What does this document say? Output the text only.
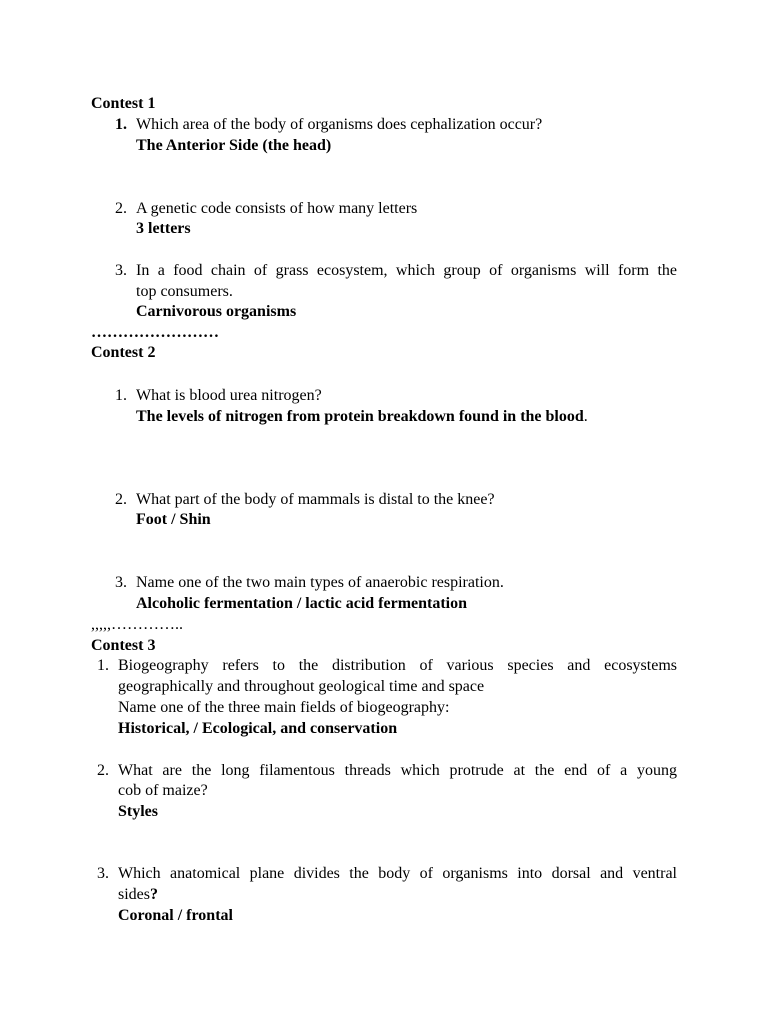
Contest 1
1. Which area of the body of organisms does cephalization occur?
The Anterior Side (the head)
2. A genetic code consists of how many letters
3 letters
3. In a food chain of grass ecosystem, which group of organisms will form the
top consumers.
Carnivorous organisms
……………………
Contest 2
1. What is blood urea nitrogen?
The levels of nitrogen from protein breakdown found in the blood.
2. What part of the body of mammals is distal to the knee?
Foot / Shin
3. Name one of the two main types of anaerobic respiration.
Alcoholic fermentation / lactic acid fermentation
,,,,,…………..
Contest 3
1. Biogeography refers to the distribution of various species and ecosystems
geographically and throughout geological time and space
Name one of the three main fields of biogeography:
Historical, / Ecological, and conservation
2. What are the long filamentous threads which protrude at the end of a young
cob of maize?
Styles
3. Which anatomical plane divides the body of organisms into dorsal and ventral
sides?
Coronal / frontal
